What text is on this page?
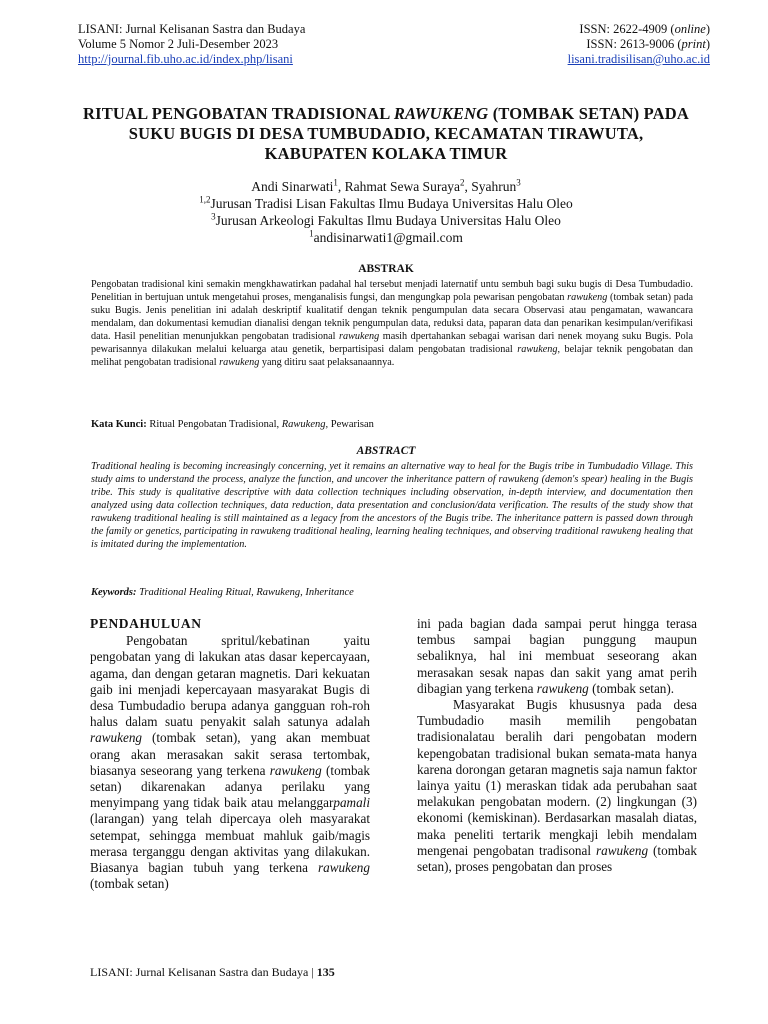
LISANI: Jurnal Kelisanan Sastra dan Budaya
Volume 5 Nomor 2 Juli-Desember 2023
http://journal.fib.uho.ac.id/index.php/lisani
ISSN: 2622-4909 (online)
ISSN: 2613-9006 (print)
lisani.tradisilisan@uho.ac.id
RITUAL PENGOBATAN TRADISIONAL RAWUKENG (TOMBAK SETAN) PADA SUKU BUGIS DI DESA TUMBUDADIO, KECAMATAN TIRAWUTA, KABUPATEN KOLAKA TIMUR
Andi Sinarwati$^1$, Rahmat Sewa Suraya$^2$, Syahrun$^3$
$^{1,2}$Jurusan Tradisi Lisan Fakultas Ilmu Budaya Universitas Halu Oleo
$^3$Jurusan Arkeologi Fakultas Ilmu Budaya Universitas Halu Oleo
$^1$andisinarwati1@gmail.com
ABSTRAK
Pengobatan tradisional kini semakin mengkhawatirkan padahal hal tersebut menjadi laternatif untu sembuh bagi suku bugis di Desa Tumbudadio. Penelitian in bertujuan untuk mengetahui proses, menganalisis fungsi, dan mengungkap pola pewarisan pengobatan rawukeng (tombak setan) pada suku Bugis. Jenis penelitian ini adalah deskriptif kualitatif dengan teknik pengumpulan data secara Observasi atau pengamatan, wawancara mendalam, dan dokumentasi kemudian dianalisi dengan teknik pengumpulan data, reduksi data, paparan data dan penarikan kesimpulan/verifikasi data. Hasil penelitian menunjukkan pengobatan tradisional rawukeng masih dpertahankan sebagai warisan dari nenek moyang suku Bugis. Pola pewarisannya dilakukan melalui keluarga atau genetik, berpartisipasi dalam pengobatan tradisional rawukeng, belajar teknik pengobatan dan melihat pengobatan tradisional rawukeng yang ditiru saat pelaksanaannya.
Kata Kunci: Ritual Pengobatan Tradisional, Rawukeng, Pewarisan
ABSTRACT
Traditional healing is becoming increasingly concerning, yet it remains an alternative way to heal for the Bugis tribe in Tumbudadio Village. This study aims to understand the process, analyze the function, and uncover the inheritance pattern of rawukeng (demon's spear) healing in the Bugis tribe. This study is qualitative descriptive with data collection techniques including observation, in-depth interview, and documentation then analyzed using data collection techniques, data reduction, data presentation and conclusion/data verification. The results of the study show that rawukeng traditional healing is still maintained as a legacy from the ancestors of the Bugis tribe. The inheritance pattern is passed down through the family or genetics, participating in rawukeng traditional healing, learning healing techniques, and observing traditional rawukeng healing that is imitated during the implementation.
Keywords: Traditional Healing Ritual, Rawukeng, Inheritance
PENDAHULUAN

Pengobatan spritul/kebatinan yaitu pengobatan yang di lakukan atas dasar kepercayaan, agama, dan dengan getaran magnetis. Dari kekuatan gaib ini menjadi kepercayaan masyarakat Bugis di desa Tumbudadio berupa adanya gangguan roh-roh halus dalam suatu penyakit salah satunya adalah rawukeng (tombak setan), yang akan membuat orang akan merasakan sakit serasa tertombak, biasanya seseorang yang terkena rawukeng (tombak setan) dikarenakan adanya perilaku yang menyimpang yang tidak baik atau melanggarpamali (larangan) yang telah dipercaya oleh masyarakat setempat, sehingga membuat mahluk gaib/magis merasa terganggu dengan aktivitas yang dilakukan. Biasanya bagian tubuh yang terkena rawukeng (tombak setan)

ini pada bagian dada sampai perut hingga terasa tembus sampai bagian punggung maupun sebaliknya, hal ini membuat seseorang akan merasakan sesak napas dan sakit yang amat perih dibagian yang terkena rawukeng (tombak setan).

Masyarakat Bugis khususnya pada desa Tumbudadio masih memilih pengobatan tradisionalatau beralih dari pengobatan modern kepengobatan tradisional bukan semata-mata hanya karena dorongan getaran magnetis saja namun faktor lainya yaitu (1) meraskan tidak ada perubahan saat melakukan pengobatan modern. (2) lingkungan (3) ekonomi (kemiskinan). Berdasarkan masalah diatas, maka peneliti tertarik mengkaji lebih mendalam mengenai pengobatan tradisonal rawukeng (tombak setan), proses pengobatan dan proses

LISANI: Jurnal Kelisanan Sastra dan Budaya | 135
